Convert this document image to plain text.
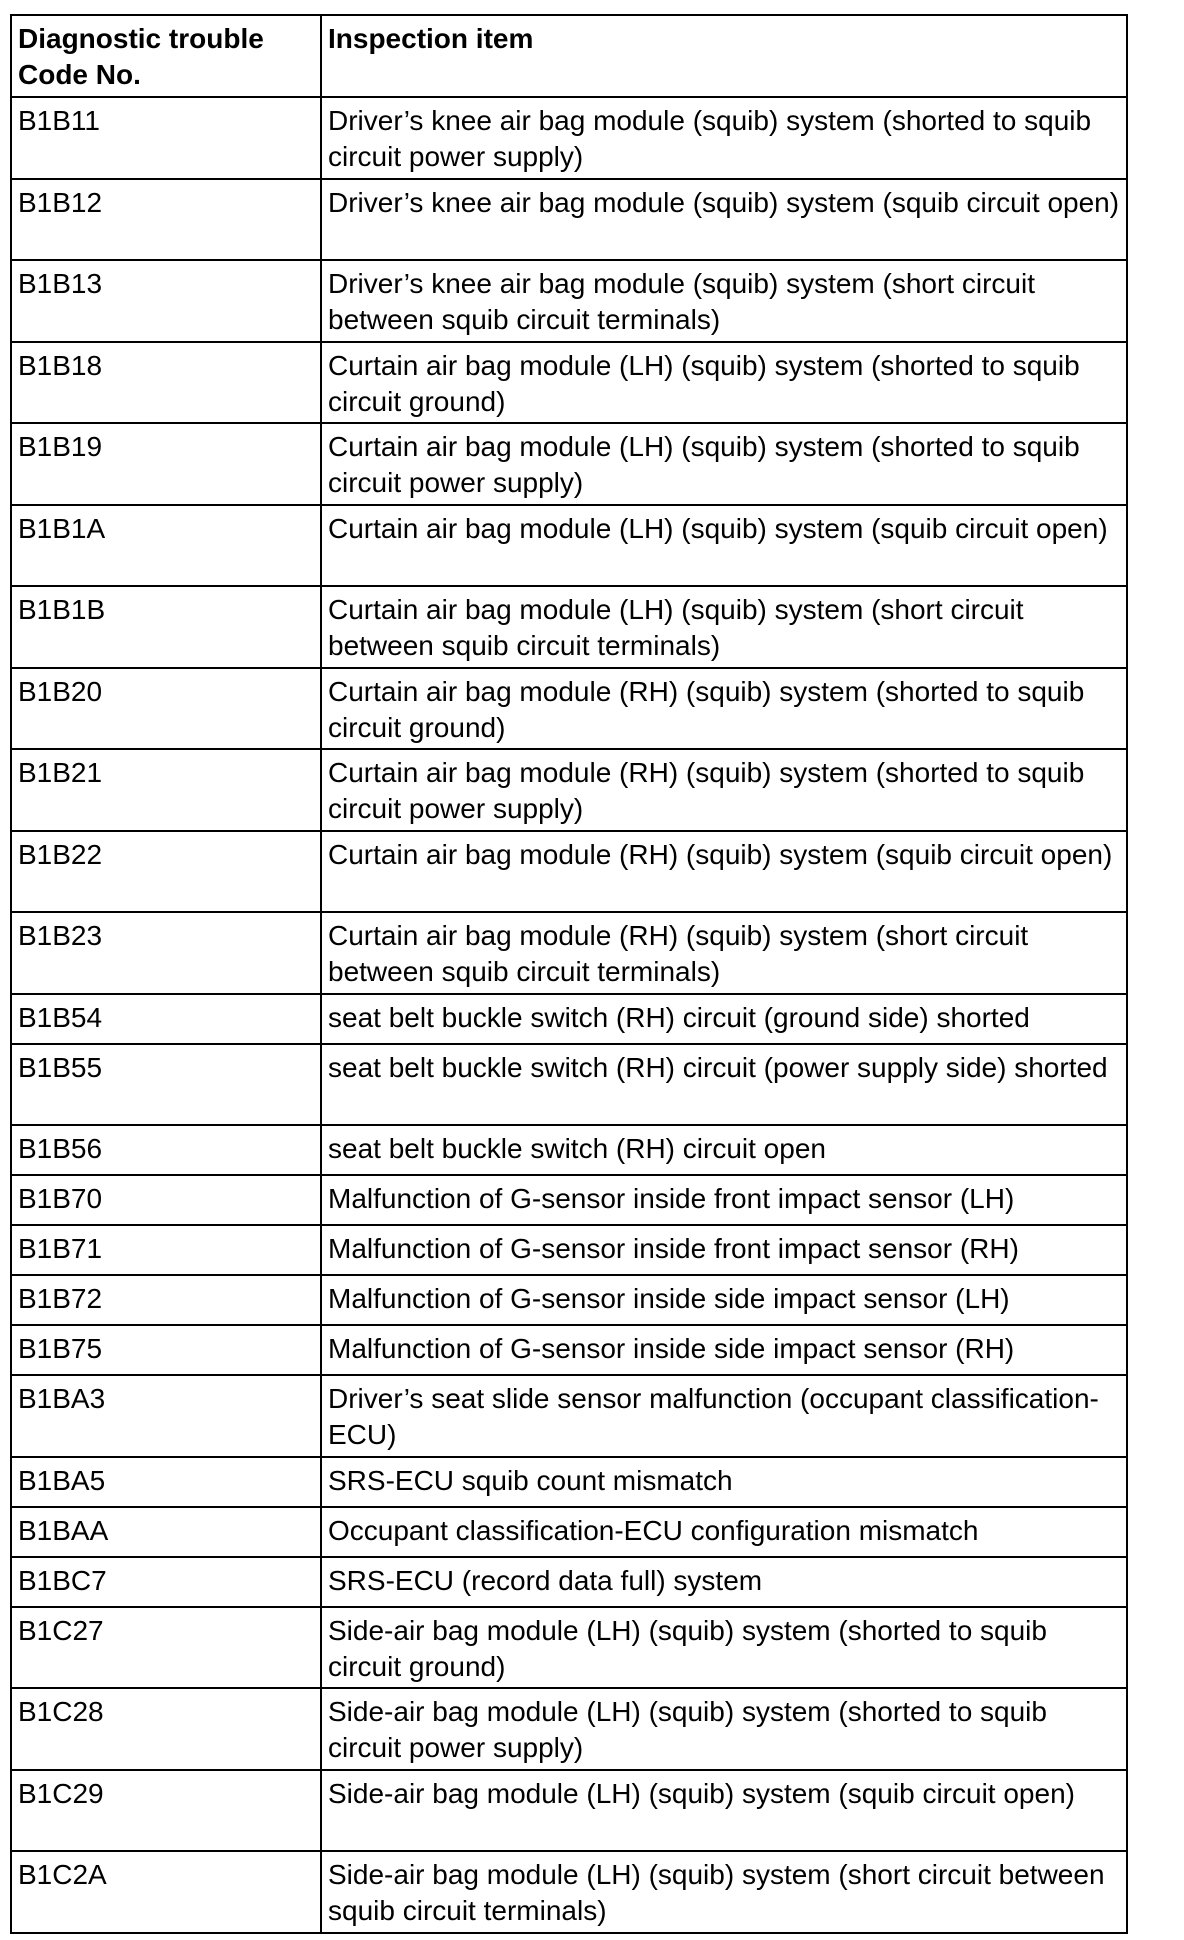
Diagnostic trouble Code No.	Inspection item
B1B11	Driver’s knee air bag module (squib) system (shorted to squib circuit power supply)
B1B12	Driver’s knee air bag module (squib) system (squib circuit open)
B1B13	Driver’s knee air bag module (squib) system (short circuit between squib circuit terminals)
B1B18	Curtain air bag module (LH) (squib) system (shorted to squib circuit ground)
B1B19	Curtain air bag module (LH) (squib) system (shorted to squib circuit power supply)
B1B1A	Curtain air bag module (LH) (squib) system (squib circuit open)
B1B1B	Curtain air bag module (LH) (squib) system (short circuit between squib circuit terminals)
B1B20	Curtain air bag module (RH) (squib) system (shorted to squib circuit ground)
B1B21	Curtain air bag module (RH) (squib) system (shorted to squib circuit power supply)
B1B22	Curtain air bag module (RH) (squib) system (squib circuit open)
B1B23	Curtain air bag module (RH) (squib) system (short circuit between squib circuit terminals)
B1B54	seat belt buckle switch (RH) circuit (ground side) shorted
B1B55	seat belt buckle switch (RH) circuit (power supply side) shorted
B1B56	seat belt buckle switch (RH) circuit open
B1B70	Malfunction of G-sensor inside front impact sensor (LH)
B1B71	Malfunction of G-sensor inside front impact sensor (RH)
B1B72	Malfunction of G-sensor inside side impact sensor (LH)
B1B75	Malfunction of G-sensor inside side impact sensor (RH)
B1BA3	Driver’s seat slide sensor malfunction (occupant classification-ECU)
B1BA5	SRS-ECU squib count mismatch
B1BAA	Occupant classification-ECU configuration mismatch
B1BC7	SRS-ECU (record data full) system
B1C27	Side-air bag module (LH) (squib) system (shorted to squib circuit ground)
B1C28	Side-air bag module (LH) (squib) system (shorted to squib circuit power supply)
B1C29	Side-air bag module (LH) (squib) system (squib circuit open)
B1C2A	Side-air bag module (LH) (squib) system (short circuit between squib circuit terminals)
